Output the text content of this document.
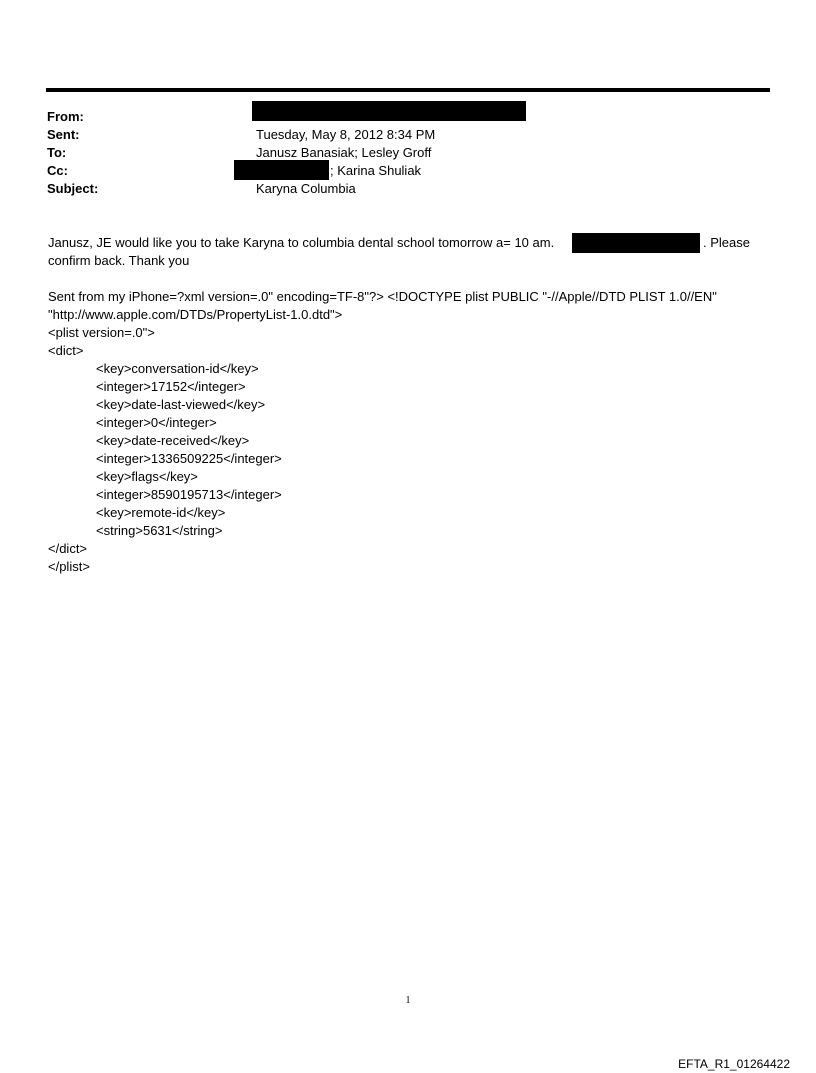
From:
Sent:	Tuesday, May 8, 2012 8:34 PM
To:	Janusz Banasiak; Lesley Groff
Cc:	; Karina Shuliak
Subject:	Karyna Columbia
Janusz, JE would like you to take Karyna to columbia dental school tomorrow a= 10 am.	. Please
confirm back. Thank you
Sent from my iPhone=?xml version=.0" encoding=TF-8"?> <!DOCTYPE plist PUBLIC "-//Apple//DTD PLIST 1.0//EN"
"http://www.apple.com/DTDs/PropertyList-1.0.dtd">
<plist version=.0">
<dict>
<key>conversation-id</key>
<integer>17152</integer>
<key>date-last-viewed</key>
<integer>0</integer>
<key>date-received</key>
<integer>1336509225</integer>
<key>flags</key>
<integer>8590195713</integer>
<key>remote-id</key>
<string>5631</string>
</dict>
</plist>
1
EFTA_R1_01264422
